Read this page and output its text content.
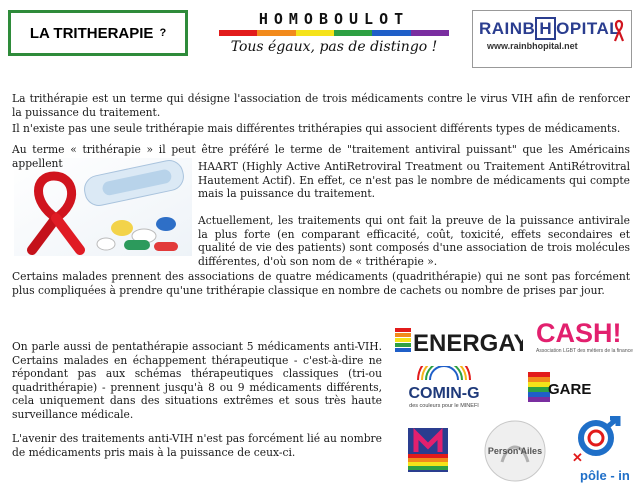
LA TRITHERAPIE ?
HOMOBOULOT
Tous égaux, pas de distingo !
RAINB H OPITAL
www.rainbhopital.net
La trithérapie est un terme qui désigne l'association de trois médicaments contre le virus VIH afin de renforcer la puissance du traitement.
Il n'existe pas une seule trithérapie mais différentes trithérapies qui associent différents types de médicaments.
Au terme « trithérapie » il peut être préféré le terme de "traitement antiviral puissant" que les Américains appellent	HAART (Highly Active AntiRetroviral Treatment ou Traitement AntiRétrovitral Hautement Actif). En effet, ce n'est pas le nombre de médicaments qui compte mais la puissance du traitement.
Actuellement, les traitements qui ont fait la preuve de la puissance antivirale la plus forte (en comparant efficacité, coût, toxicité, effets secondaires et qualité de vie des patients) sont composés d'une association de trois molécules différentes, d'où son nom de « trithérapie ».
Certains malades prennent des associations de quatre médicaments (quadrithérapie) qui ne sont pas forcément plus compliquées à prendre qu'une trithérapie classique en nombre de cachets ou nombre de prises par jour.
On parle aussi de pentathérapie associant 5 médicaments anti-VIH. Certains malades en échappement thérapeutique - c'est-à-dire ne répondant pas aux schémas thérapeutiques classiques (tri-ou quadrithérapie) - prennent jusqu'à 8 ou 9 médicaments différents, cela uniquement dans des situations extrêmes et sous très haute surveillance médicale.
L'avenir des traitements anti-VIH n'est pas forcément lié au nombre de médicaments pris mais à la puissance de ceux-ci.
ENERGAY CASH!
Association LGBT des métiers de la finance
COMIN-G
des couleurs pour le MINEFI
GARE!
Person'Ailes ✕
pôle - in
